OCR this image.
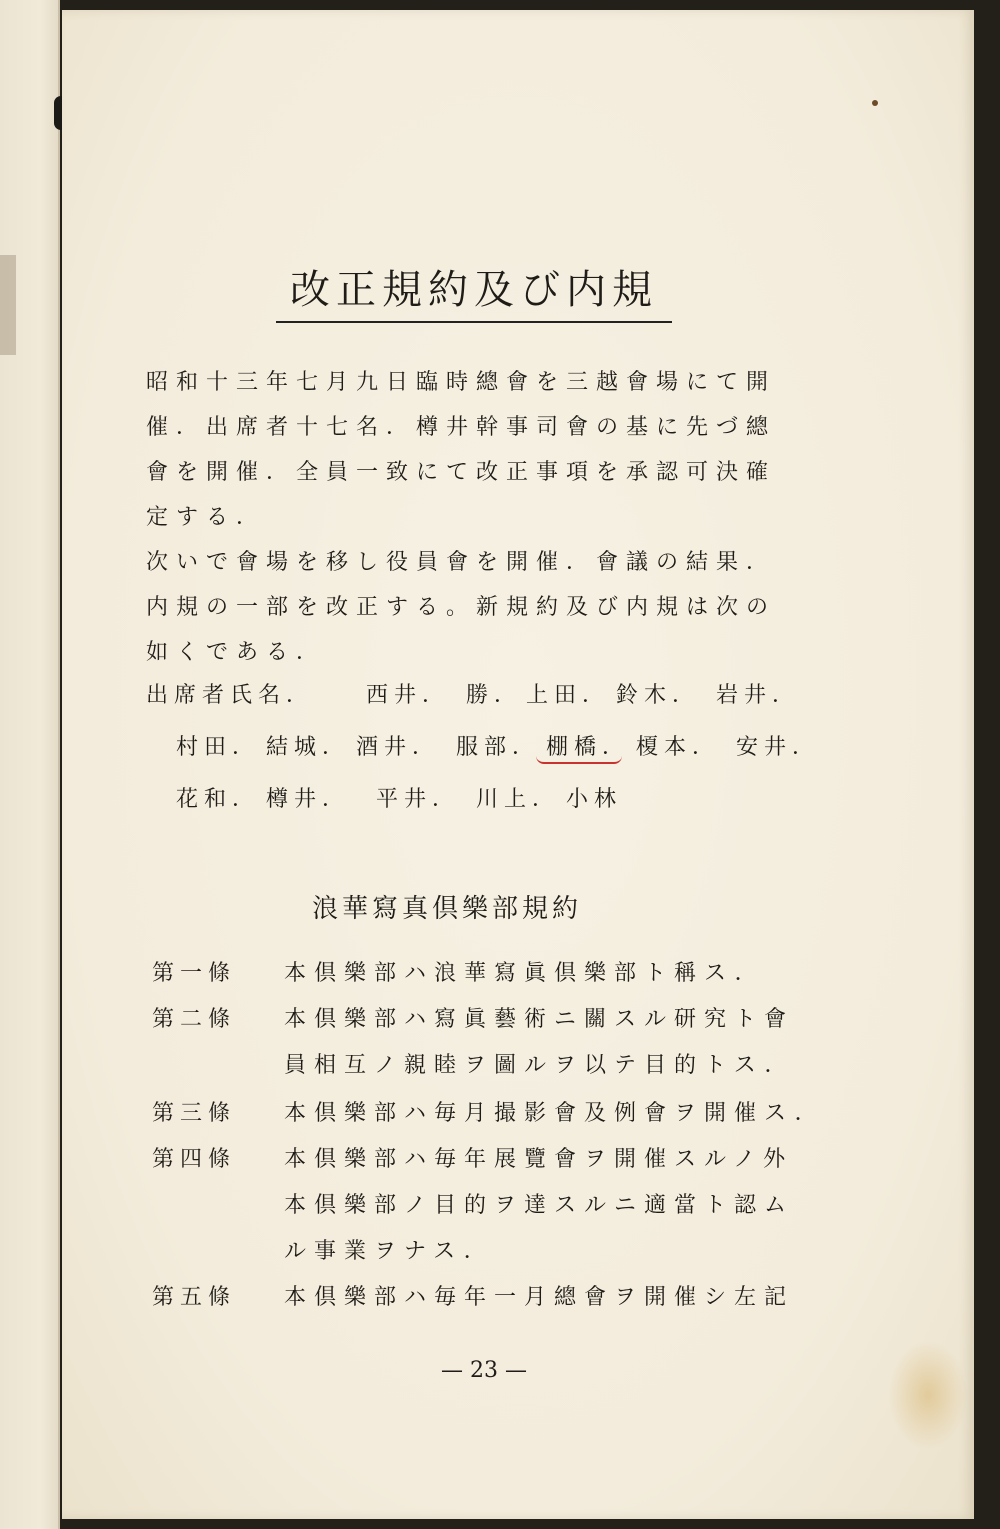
改正規約及び内規
昭和十三年七月九日臨時總會を三越會場にて開
催．出席者十七名．樽井幹事司會の基に先づ總
會を開催．全員一致にて改正事項を承認可決確
定する．
次いで會場を移し役員會を開催．會議の結果．
内規の一部を改正する。新規約及び内規は次の
如くである．
出席者氏名． 西井． 勝． 上田． 鈴木． 岩井．
村田． 結城． 酒井． 服部． 棚橋． 榎本． 安井．
花和． 樽井． 平井． 川上． 小林
浪華寫真倶樂部規約
第一條 本倶樂部ハ浪華寫眞倶樂部ト稱ス．
第二條 本倶樂部ハ寫眞藝術ニ關スル研究ト會
員相互ノ親睦ヲ圖ルヲ以テ目的トス．
第三條 本倶樂部ハ毎月撮影會及例會ヲ開催ス．
第四條 本倶樂部ハ毎年展覽會ヲ開催スルノ外
本倶樂部ノ目的ヲ達スルニ適當ト認ム
ル事業ヲナス．
第五條 本倶樂部ハ毎年一月總會ヲ開催シ左記
— 23 —
